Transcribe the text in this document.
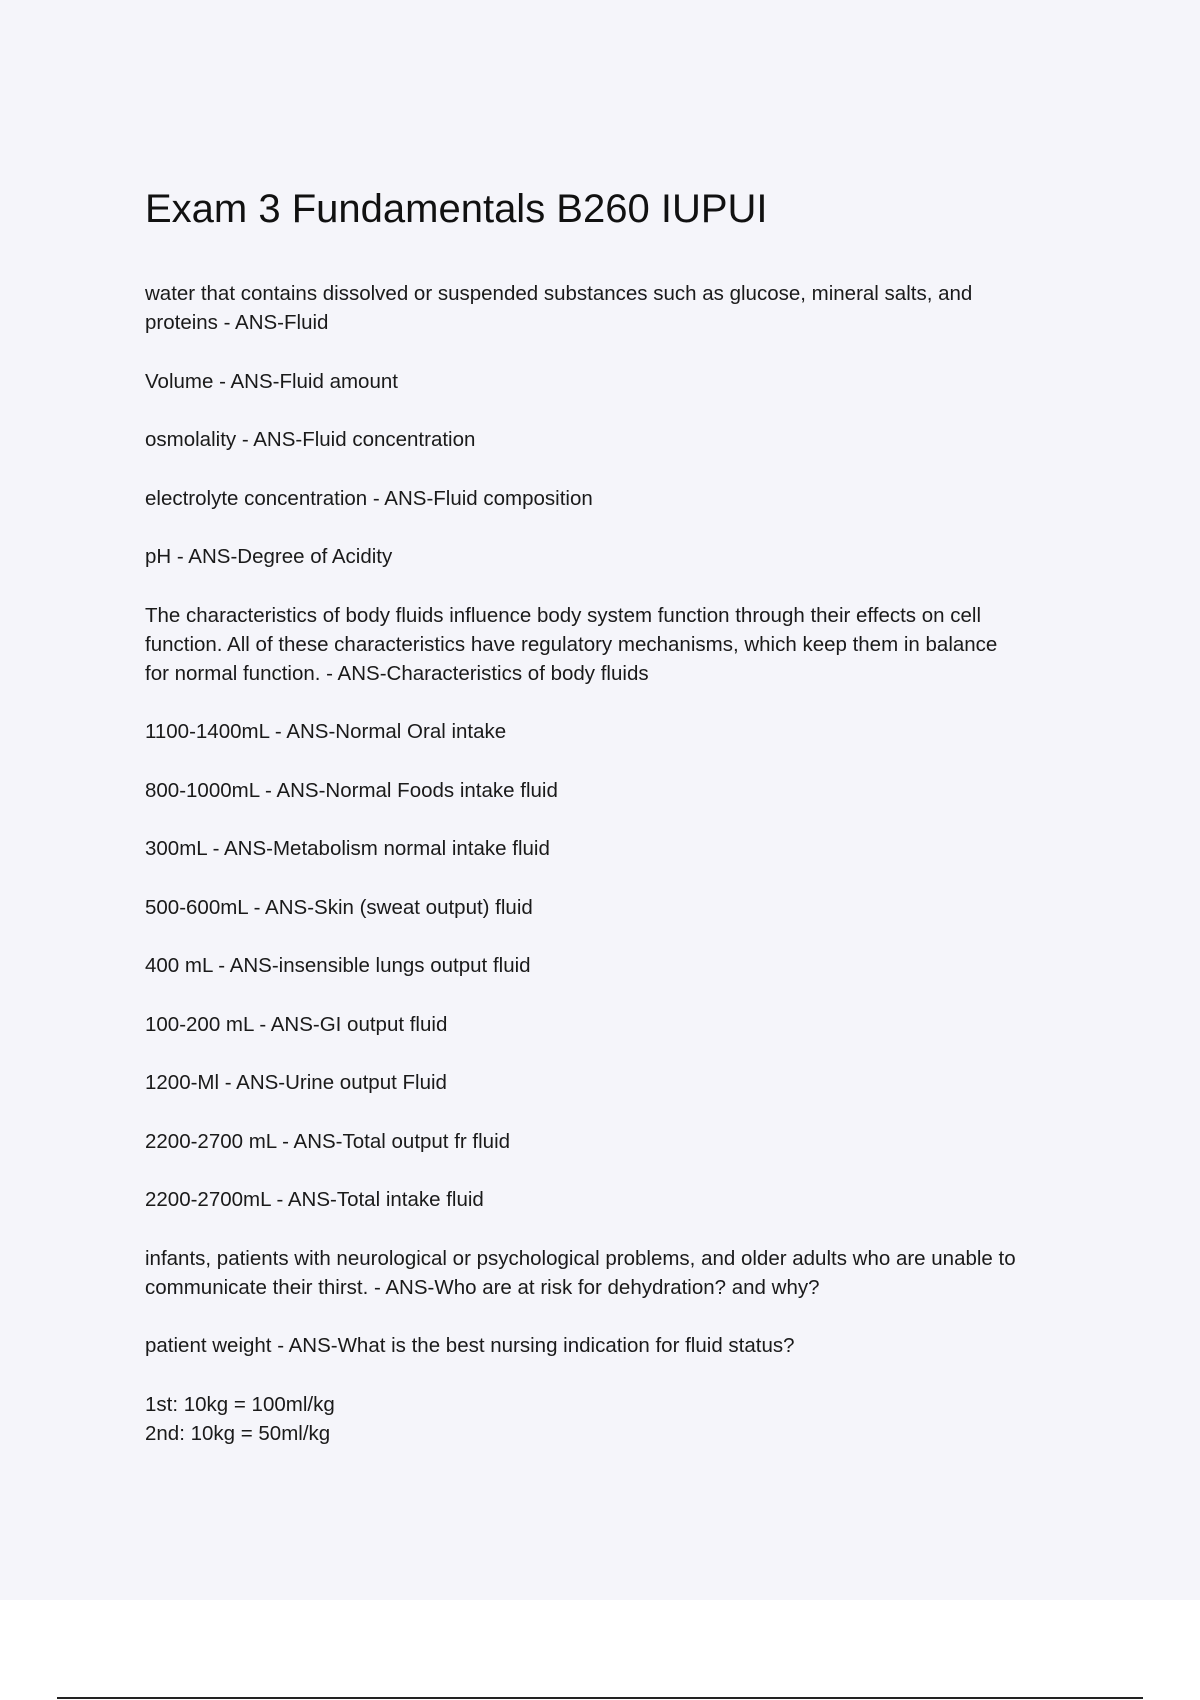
Exam 3 Fundamentals B260 IUPUI

water that contains dissolved or suspended substances such as glucose, mineral salts, and
proteins - ANS-Fluid

Volume - ANS-Fluid amount

osmolality - ANS-Fluid concentration

electrolyte concentration - ANS-Fluid composition

pH - ANS-Degree of Acidity

The characteristics of body fluids influence body system function through their effects on cell
function. All of these characteristics have regulatory mechanisms, which keep them in balance
for normal function. - ANS-Characteristics of body fluids

1100-1400mL - ANS-Normal Oral intake

800-1000mL - ANS-Normal Foods intake fluid

300mL - ANS-Metabolism normal intake fluid

500-600mL - ANS-Skin (sweat output) fluid

400 mL - ANS-insensible lungs output fluid

100-200 mL - ANS-GI output fluid

1200-Ml - ANS-Urine output Fluid

2200-2700 mL - ANS-Total output fr fluid

2200-2700mL - ANS-Total intake fluid

infants, patients with neurological or psychological problems, and older adults who are unable to
communicate their thirst. - ANS-Who are at risk for dehydration? and why?

patient weight - ANS-What is the best nursing indication for fluid status?

1st: 10kg = 100ml/kg
2nd: 10kg = 50ml/kg
